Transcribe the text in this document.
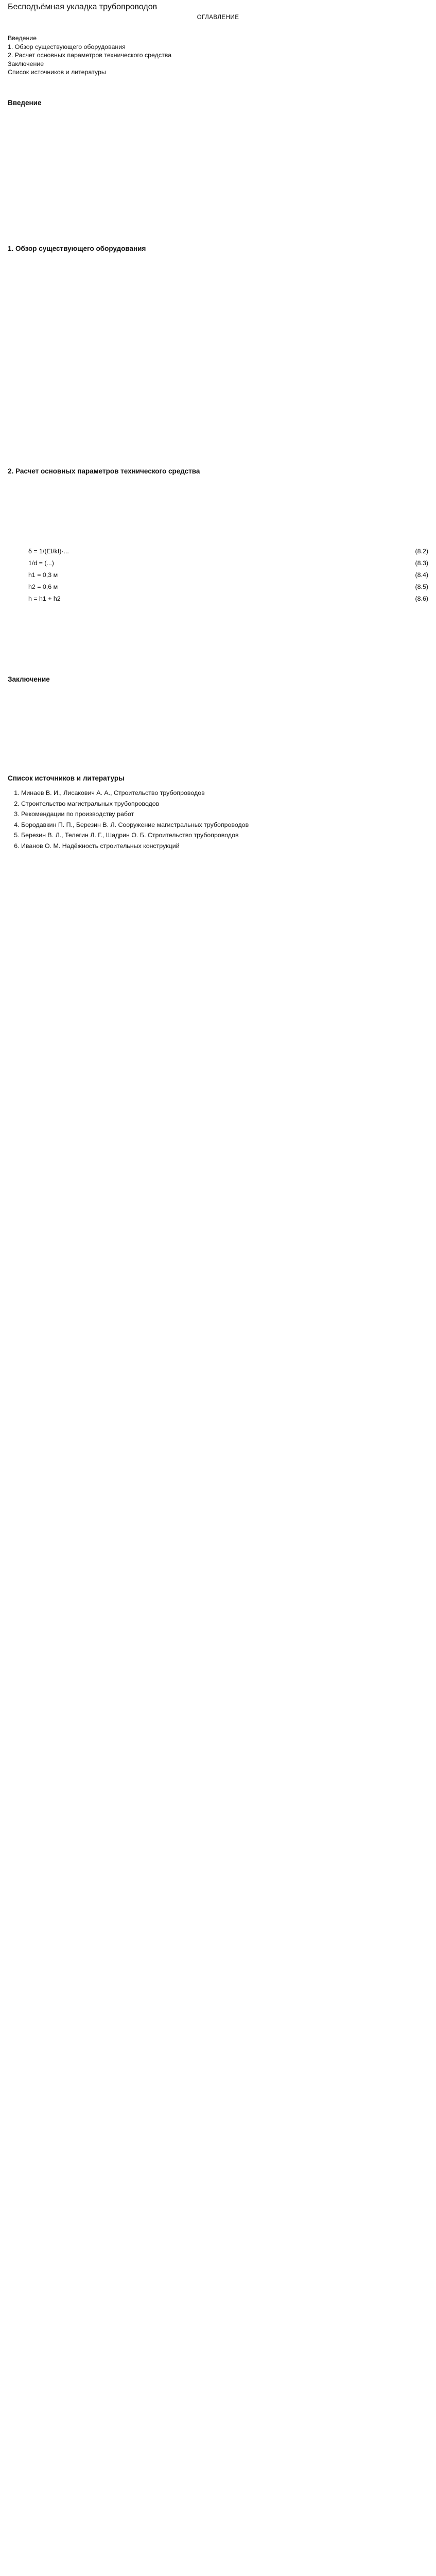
Бесподъёмная укладка трубопроводов
ОГЛАВЛЕНИЕ
Введение
1. Обзор существующего оборудования
2. Расчет основных параметров технического средства
Заключение
Список источников и литературы
Введение
1. Обзор существующего оборудования
2. Расчет основных параметров технического средства
δ = 1/(EI/kI)·...	(8.2)
1/d = (...)	(8.3)
h1 = 0,3 м	(8.4)
h2 = 0,6 м	(8.5)
h = h1 + h2	(8.6)
Заключение
Список источников и литературы
1. Минаев В. И., Лисакович А. А., Строительство трубопроводов
2. Строительство магистральных трубопроводов
3. Рекомендации по производству работ
4. Бородавкин П. П., Березин В. Л. Сооружение магистральных трубопроводов
5. Березин В. Л., Телегин Л. Г., Шадрин О. Б. Строительство трубопроводов
6. Иванов О. М. Надёжность строительных конструкций
